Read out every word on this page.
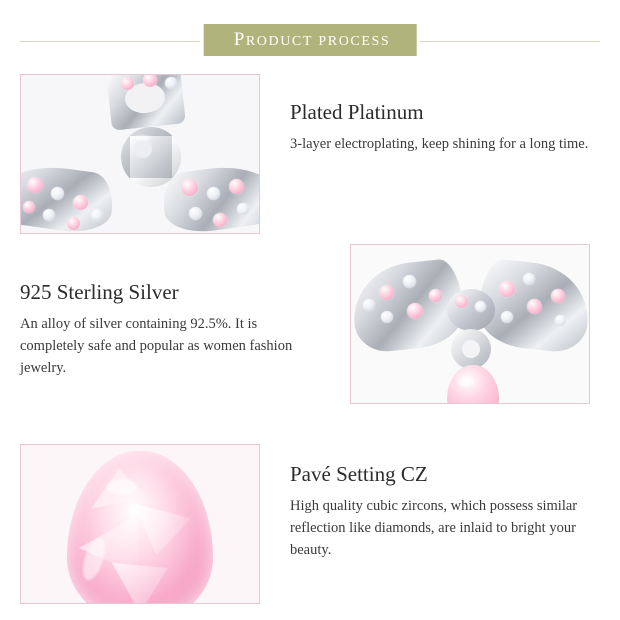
PRODUCT PROCESS
Plated Platinum

3-layer electroplating, keep shining for a long time.

925 Sterling Silver

An alloy of silver containing 92.5%. It is completely safe and popular as women fashion jewelry.

Pavé Setting CZ

High quality cubic zircons, which possess similar reflection like diamonds, are inlaid to bright your beauty.
